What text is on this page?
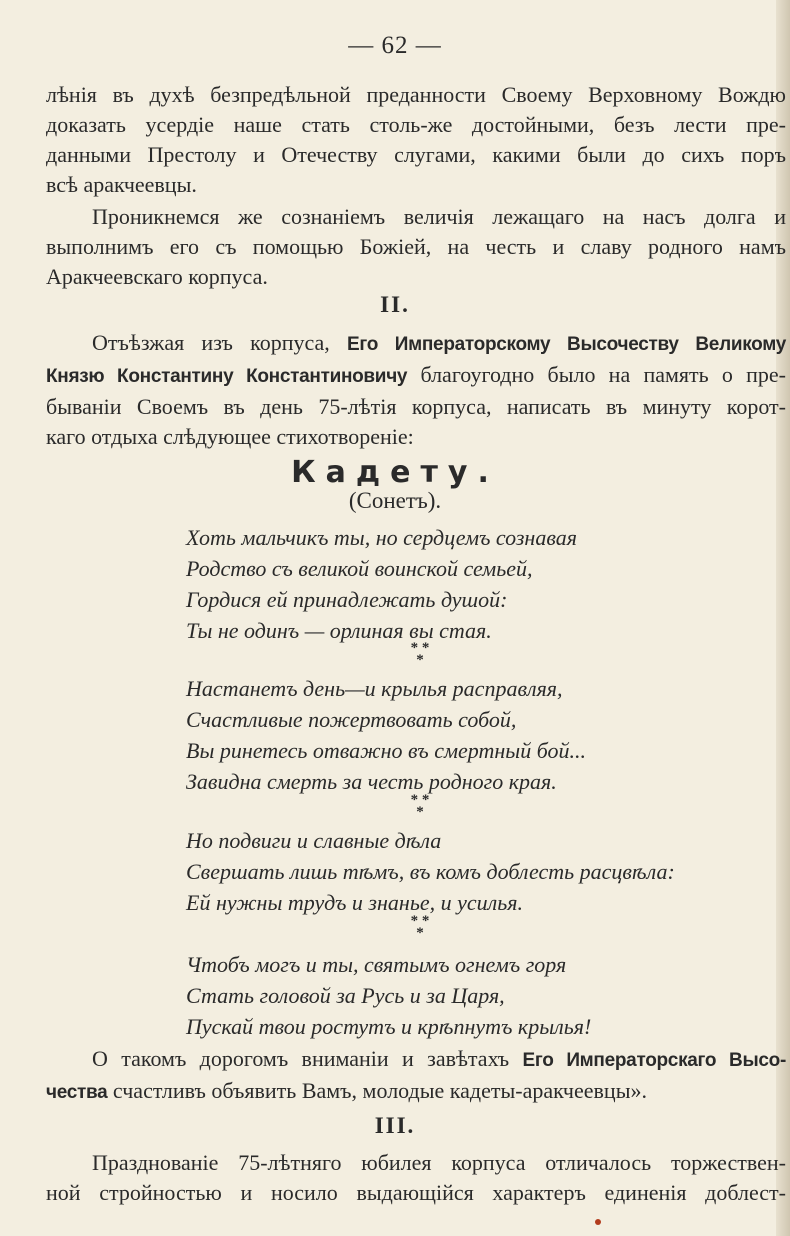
— 62 —
лѣнія въ духѣ безпредѣльной преданности Своему Верховному Вождю
доказать усердіе наше стать столь-же достойными, безъ лести пре-
данными Престолу и Отечеству слугами, какими были до сихъ поръ
всѣ аракчеевцы.
Проникнемся же сознаніемъ величія лежащаго на насъ долга и
выполнимъ его съ помощью Божіей, на честь и славу родного намъ
Аракчеевскаго корпуса.
II.
Отъѣзжая изъ корпуса, Его Императорскому Высочеству Великому
Князю Константину Константиновичу благоугодно было на память о пре-
бываніи Своемъ въ день 75-лѣтія корпуса, написать въ минуту корот-
каго отдыха слѣдующее стихотвореніе:
Кадету.
(Сонетъ).
Хоть мальчикъ ты, но сердцемъ сознавая
Родство съ великой воинской семьей,
Гордися ей принадлежать душой:
Ты не одинъ — орлиная вы стая.
* *
*
Настанетъ день—и крылья расправляя,
Счастливые пожертвовать собой,
Вы ринетесь отважно въ смертный бой...
Завидна смерть за честь родного края.
* *
*
Но подвиги и славные дѣла
Свершать лишь тѣмъ, въ комъ доблесть расцвѣла:
Ей нужны трудъ и знанье, и усилья.
* *
*
Чтобъ могъ и ты, святымъ огнемъ горя
Стать головой за Русь и за Царя,
Пускай твои ростутъ и крѣпнутъ крылья!
О такомъ дорогомъ вниманіи и завѣтахъ Его Императорскаго Высо-
чества счастливъ объявить Вамъ, молодые кадеты-аракчеевцы».
III.
Празднованіе 75-лѣтняго юбилея корпуса отличалось торжествен-
ной стройностью и носило выдающійся характеръ единенія доблест-
